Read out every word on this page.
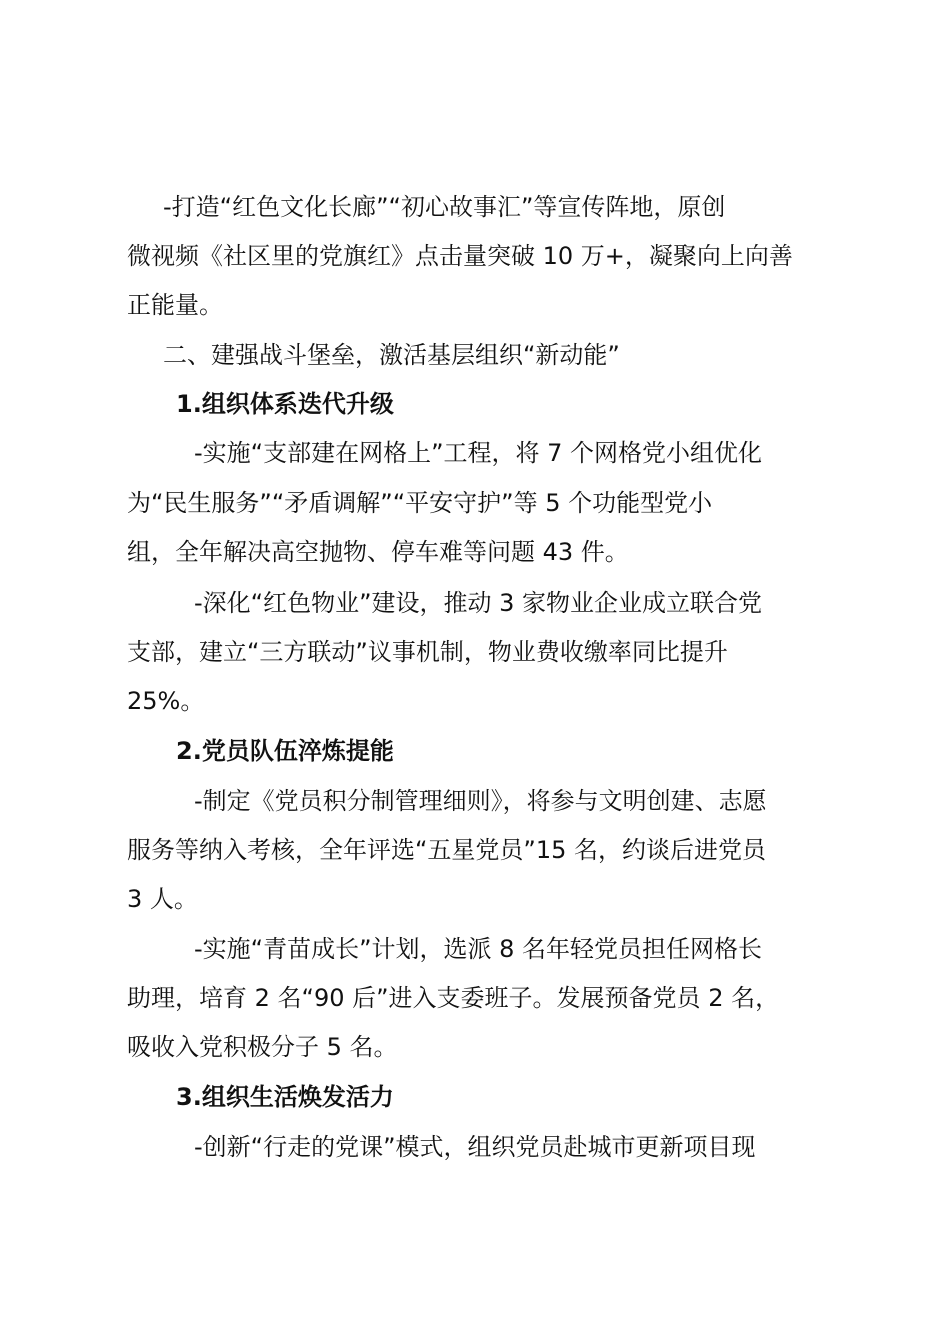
-打造“红色文化长廊”“初心故事汇”等宣传阵地，原创
微视频《社区里的党旗红》点击量突破 10 万+，凝聚向上向善
正能量。
二、建强战斗堡垒，激活基层组织“新动能”
1.组织体系迭代升级
-实施“支部建在网格上”工程，将 7 个网格党小组优化
为“民生服务”“矛盾调解”“平安守护”等 5 个功能型党小
组，全年解决高空抛物、停车难等问题 43 件。
-深化“红色物业”建设，推动 3 家物业企业成立联合党
支部，建立“三方联动”议事机制，物业费收缴率同比提升
25%。
2.党员队伍淬炼提能
-制定《党员积分制管理细则》，将参与文明创建、志愿
服务等纳入考核，全年评选“五星党员”15 名，约谈后进党员
3 人。
-实施“青苗成长”计划，选派 8 名年轻党员担任网格长
助理，培育 2 名“90 后”进入支委班子。发展预备党员 2 名，
吸收入党积极分子 5 名。
3.组织生活焕发活力
-创新“行走的党课”模式，组织党员赴城市更新项目现
